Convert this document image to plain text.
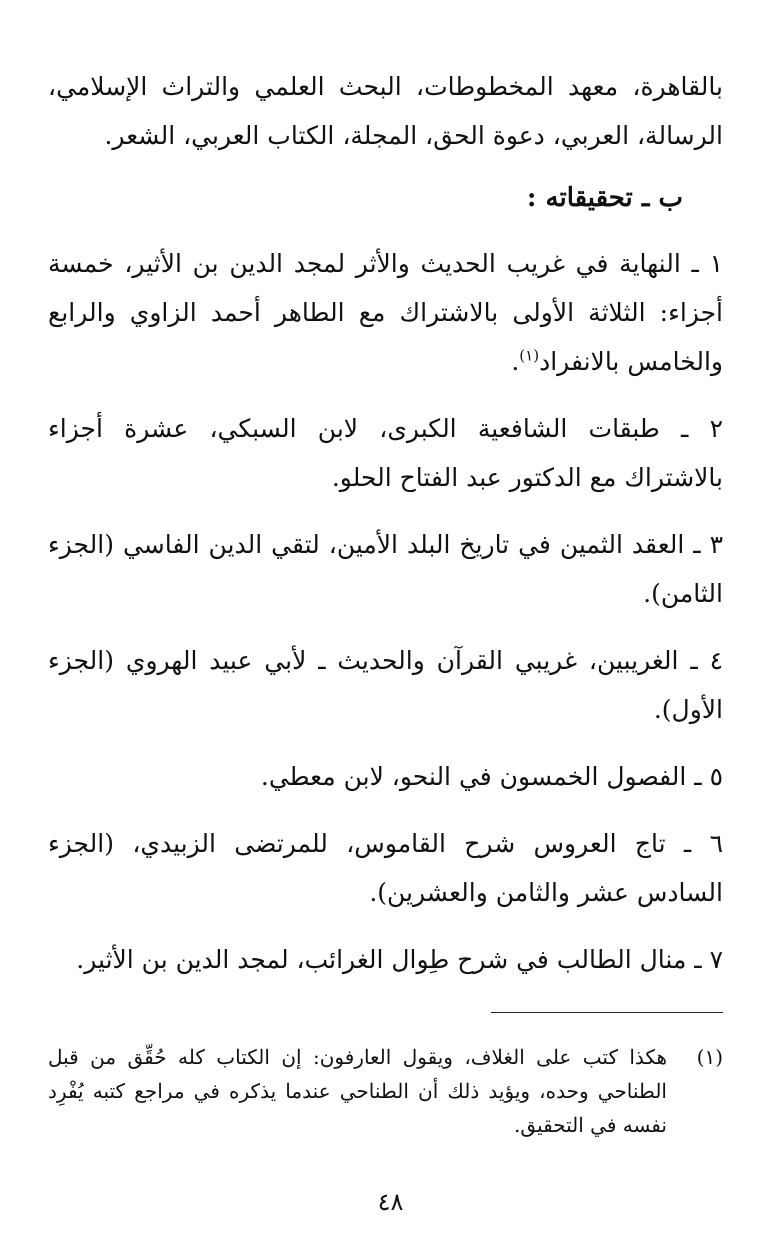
بالقاهرة، معهد المخطوطات، البحث العلمي والتراث الإسلامي، الرسالة، العربي، دعوة الحق، المجلة، الكتاب العربي، الشعر.

ب ـ تحقيقاته :

١ ـ النهاية في غريب الحديث والأثر لمجد الدين بن الأثير، خمسة أجزاء: الثلاثة الأولى بالاشتراك مع الطاهر أحمد الزاوي والرابع والخامس بالانفراد$^{(١)}$.

٢ ـ طبقات الشافعية الكبرى، لابن السبكي، عشرة أجزاء بالاشتراك مع الدكتور عبد الفتاح الحلو.

٣ ـ العقد الثمين في تاريخ البلد الأمين، لتقي الدين الفاسي (الجزء الثامن).

٤ ـ الغريبين، غريبي القرآن والحديث ـ لأبي عبيد الهروي (الجزء الأول).

٥ ـ الفصول الخمسون في النحو، لابن معطي.

٦ ـ تاج العروس شرح القاموس، للمرتضى الزبيدي، (الجزء السادس عشر والثامن والعشرين).

٧ ـ منال الطالب في شرح طِوال الغرائب، لمجد الدين بن الأثير.

(١)
هكذا كتب على الغلاف، ويقول العارفون: إن الكتاب كله حُقِّق من قبل الطناحي وحده، ويؤيد ذلك أن الطناحي عندما يذكره في مراجع كتبه يُفْرِد نفسه في التحقيق.
٤٨
